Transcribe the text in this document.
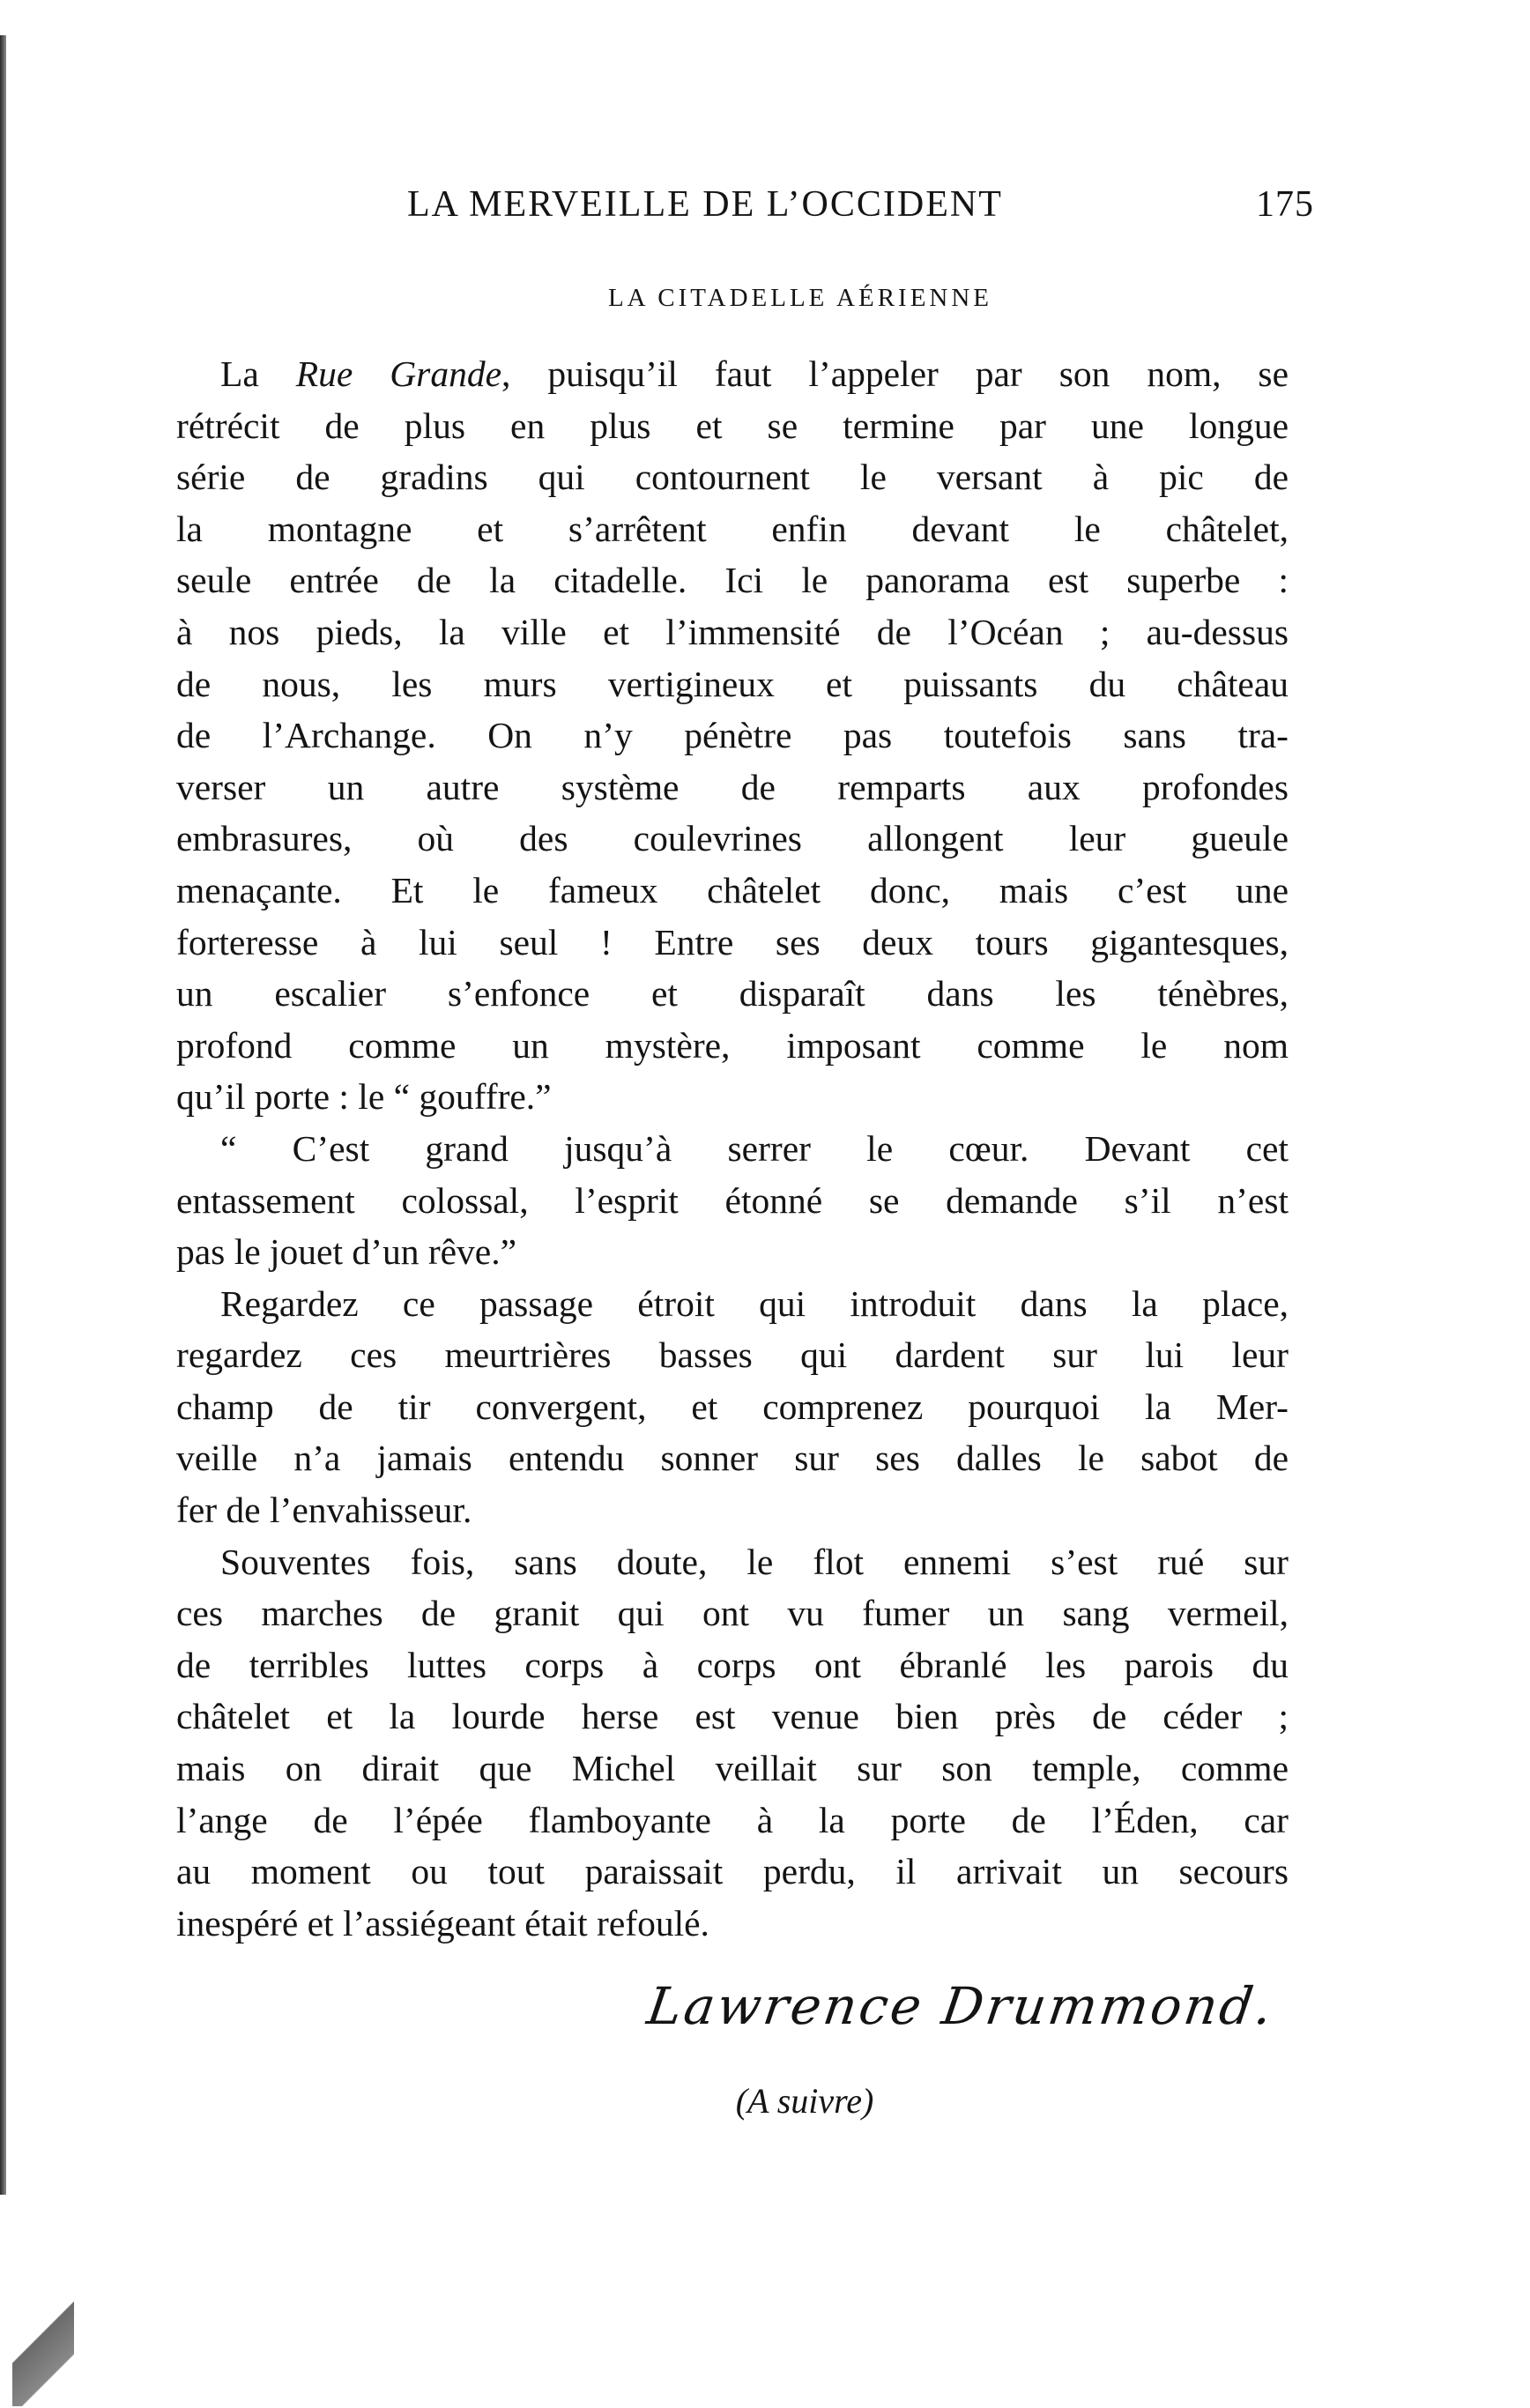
LA MERVEILLE DE L’OCCIDENT	175
LA CITADELLE AÉRIENNE
La Rue Grande, puisqu’il faut l’appeler par son nom, se
rétrécit de plus en plus et se termine par une longue
série de gradins qui contournent le versant à pic de
la montagne et s’arrêtent enfin devant le châtelet,
seule entrée de la citadelle. Ici le panorama est superbe :
à nos pieds, la ville et l’immensité de l’Océan ; au-dessus
de nous, les murs vertigineux et puissants du château
de l’Archange. On n’y pénètre pas toutefois sans tra-
verser un autre système de remparts aux profondes
embrasures, où des coulevrines allongent leur gueule
menaçante. Et le fameux châtelet donc, mais c’est une
forteresse à lui seul ! Entre ses deux tours gigantesques,
un escalier s’enfonce et disparaît dans les ténèbres,
profond comme un mystère, imposant comme le nom
qu’il porte : le “ gouffre.”
“ C’est grand jusqu’à serrer le cœur. Devant cet
entassement colossal, l’esprit étonné se demande s’il n’est
pas le jouet d’un rêve.”
Regardez ce passage étroit qui introduit dans la place,
regardez ces meurtrières basses qui dardent sur lui leur
champ de tir convergent, et comprenez pourquoi la Mer-
veille n’a jamais entendu sonner sur ses dalles le sabot de
fer de l’envahisseur.
Souventes fois, sans doute, le flot ennemi s’est rué sur
ces marches de granit qui ont vu fumer un sang vermeil,
de terribles luttes corps à corps ont ébranlé les parois du
châtelet et la lourde herse est venue bien près de céder ;
mais on dirait que Michel veillait sur son temple, comme
l’ange de l’épée flamboyante à la porte de l’Éden, car
au moment ou tout paraissait perdu, il arrivait un secours
inespéré et l’assiégeant était refoulé.
Lawrence Drummond.
(A suivre)
